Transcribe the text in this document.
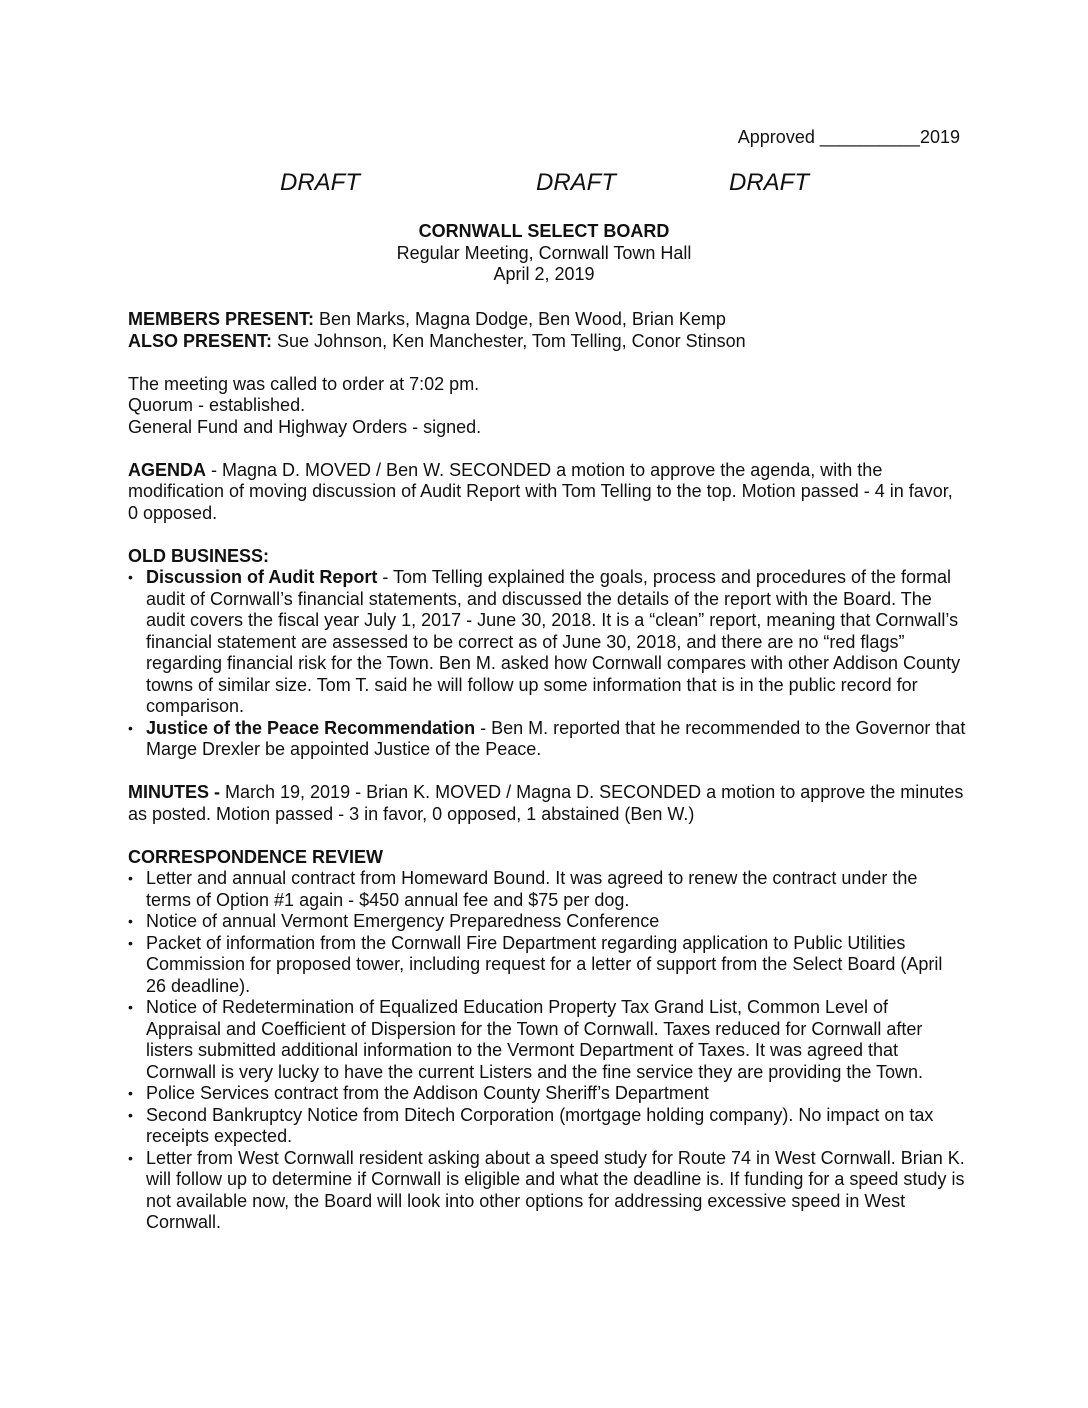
Approved __________2019
DRAFT	DRAFT	DRAFT
CORNWALL SELECT BOARD
Regular Meeting, Cornwall Town Hall
April 2, 2019

MEMBERS PRESENT: Ben Marks, Magna Dodge, Ben Wood, Brian Kemp

ALSO PRESENT: Sue Johnson, Ken Manchester, Tom Telling, Conor Stinson

The meeting was called to order at 7:02 pm.

Quorum - established.

General Fund and Highway Orders - signed.

AGENDA - Magna D. MOVED / Ben W. SECONDED a motion to approve the agenda, with the modification of moving discussion of Audit Report with Tom Telling to the top. Motion passed - 4 in favor, 0 opposed.

OLD BUSINESS:

• Discussion of Audit Report - Tom Telling explained the goals, process and procedures of the formal audit of Cornwall’s financial statements, and discussed the details of the report with the Board. The audit covers the fiscal year July 1, 2017 - June 30, 2018. It is a “clean” report, meaning that Cornwall’s financial statement are assessed to be correct as of June 30, 2018, and there are no “red flags” regarding financial risk for the Town. Ben M. asked how Cornwall compares with other Addison County towns of similar size. Tom T. said he will follow up some information that is in the public record for comparison.
• Justice of the Peace Recommendation - Ben M. reported that he recommended to the Governor that Marge Drexler be appointed Justice of the Peace.

MINUTES - March 19, 2019 - Brian K. MOVED / Magna D. SECONDED a motion to approve the minutes as posted. Motion passed - 3 in favor, 0 opposed, 1 abstained (Ben W.)

CORRESPONDENCE REVIEW

• Letter and annual contract from Homeward Bound. It was agreed to renew the contract under the terms of Option #1 again - $450 annual fee and $75 per dog.
• Notice of annual Vermont Emergency Preparedness Conference
• Packet of information from the Cornwall Fire Department regarding application to Public Utilities Commission for proposed tower, including request for a letter of support from the Select Board (April 26 deadline).
• Notice of Redetermination of Equalized Education Property Tax Grand List, Common Level of Appraisal and Coefficient of Dispersion for the Town of Cornwall. Taxes reduced for Cornwall after listers submitted additional information to the Vermont Department of Taxes. It was agreed that Cornwall is very lucky to have the current Listers and the fine service they are providing the Town.
• Police Services contract from the Addison County Sheriff’s Department
• Second Bankruptcy Notice from Ditech Corporation (mortgage holding company). No impact on tax receipts expected.
• Letter from West Cornwall resident asking about a speed study for Route 74 in West Cornwall. Brian K. will follow up to determine if Cornwall is eligible and what the deadline is. If funding for a speed study is not available now, the Board will look into other options for addressing excessive speed in West Cornwall.
